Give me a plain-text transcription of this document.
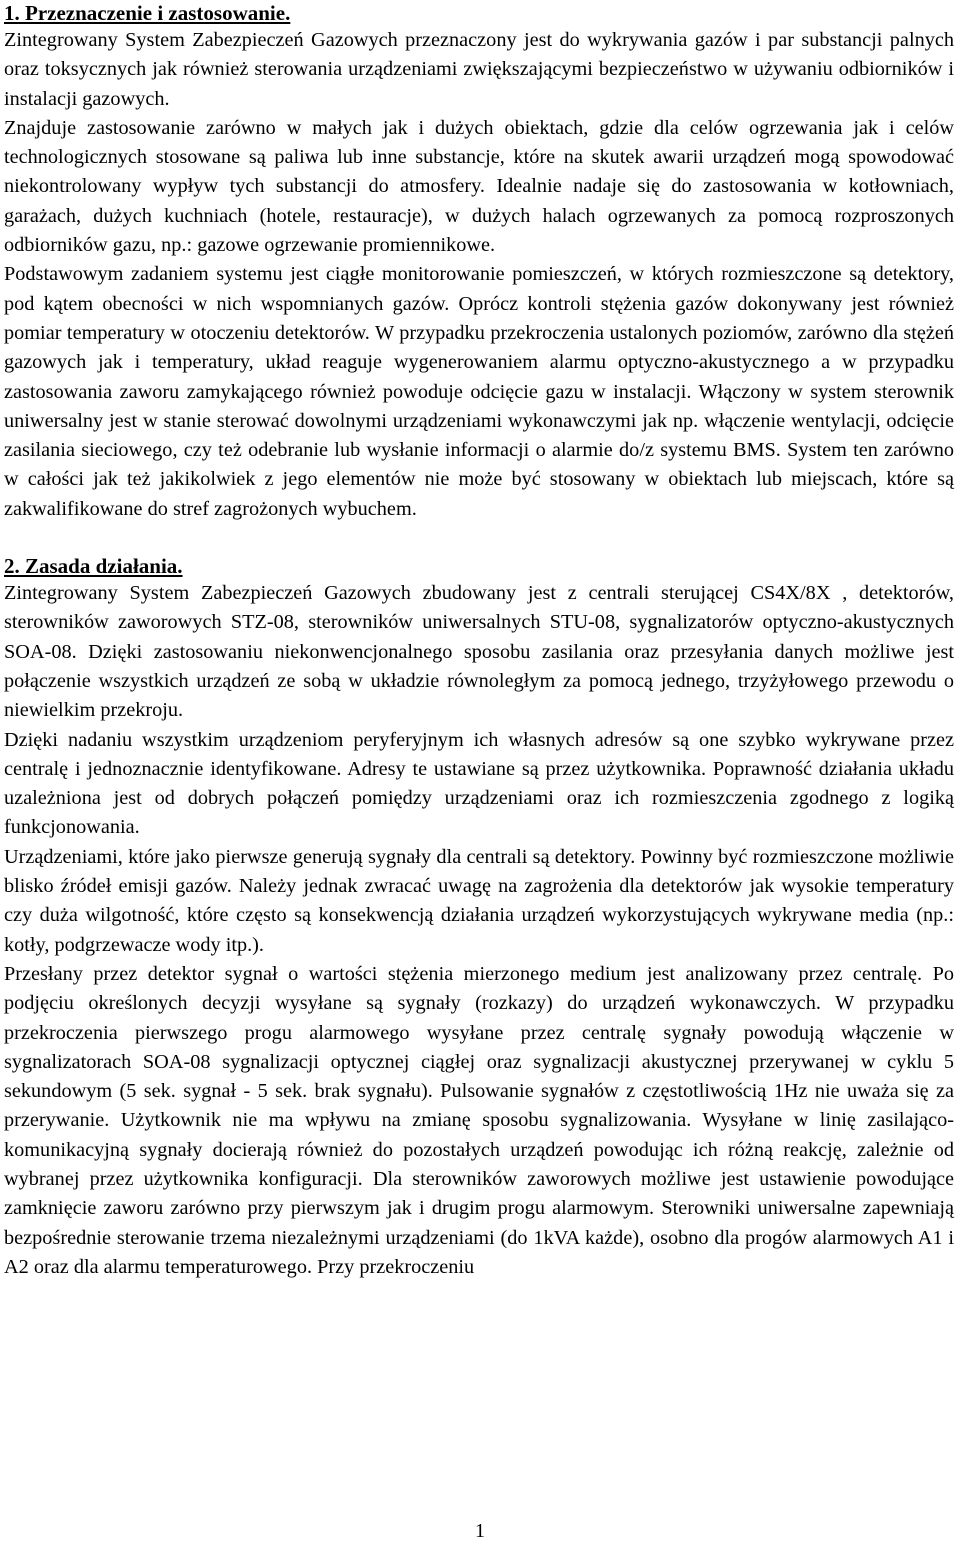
1. Przeznaczenie i zastosowanie.

Zintegrowany System Zabezpieczeń Gazowych przeznaczony jest do wykrywania gazów i par substancji palnych oraz toksycznych jak również sterowania urządzeniami zwiększającymi bezpieczeństwo w używaniu odbiorników i instalacji gazowych.

Znajduje zastosowanie zarówno w małych jak i dużych obiektach, gdzie dla celów ogrzewania jak i celów technologicznych stosowane są paliwa lub inne substancje, które na skutek awarii urządzeń mogą spowodować niekontrolowany wypływ tych substancji do atmosfery. Idealnie nadaje się do zastosowania w kotłowniach, garażach, dużych kuchniach (hotele, restauracje), w dużych halach ogrzewanych za pomocą rozproszonych odbiorników gazu, np.: gazowe ogrzewanie promiennikowe.

Podstawowym zadaniem systemu jest ciągłe monitorowanie pomieszczeń, w których rozmieszczone są detektory, pod kątem obecności w nich wspomnianych gazów. Oprócz kontroli stężenia gazów dokonywany jest również pomiar temperatury w otoczeniu detektorów. W przypadku przekroczenia ustalonych poziomów, zarówno dla stężeń gazowych jak i temperatury, układ reaguje wygenerowaniem alarmu optyczno-akustycznego a w przypadku zastosowania zaworu zamykającego również powoduje odcięcie gazu w instalacji. Włączony w system sterownik uniwersalny jest w stanie sterować dowolnymi urządzeniami wykonawczymi jak np. włączenie wentylacji, odcięcie zasilania sieciowego, czy też odebranie lub wysłanie informacji o alarmie do/z systemu BMS. System ten zarówno w całości jak też jakikolwiek z jego elementów nie może być stosowany w obiektach lub miejscach, które są zakwalifikowane do stref zagrożonych wybuchem.

2. Zasada działania.

Zintegrowany System Zabezpieczeń Gazowych zbudowany jest z centrali sterującej CS4X/8X , detektorów, sterowników zaworowych STZ-08, sterowników uniwersalnych STU-08, sygnalizatorów optyczno-akustycznych SOA-08. Dzięki zastosowaniu niekonwencjonalnego sposobu zasilania oraz przesyłania danych możliwe jest połączenie wszystkich urządzeń ze sobą w układzie równoległym za pomocą jednego, trzyżyłowego przewodu o niewielkim przekroju.

Dzięki nadaniu wszystkim urządzeniom peryferyjnym ich własnych adresów są one szybko wykrywane przez centralę i jednoznacznie identyfikowane. Adresy te ustawiane są przez użytkownika. Poprawność działania układu uzależniona jest od dobrych połączeń pomiędzy urządzeniami oraz ich rozmieszczenia zgodnego z logiką funkcjonowania.

Urządzeniami, które jako pierwsze generują sygnały dla centrali są detektory. Powinny być rozmieszczone możliwie blisko źródeł emisji gazów. Należy jednak zwracać uwagę na zagrożenia dla detektorów jak wysokie temperatury czy duża wilgotność, które często są konsekwencją działania urządzeń wykorzystujących wykrywane media (np.: kotły, podgrzewacze wody itp.).

Przesłany przez detektor sygnał o wartości stężenia mierzonego medium jest analizowany przez centralę. Po podjęciu określonych decyzji wysyłane są sygnały (rozkazy) do urządzeń wykonawczych. W przypadku przekroczenia pierwszego progu alarmowego wysyłane przez centralę sygnały powodują włączenie w sygnalizatorach SOA-08 sygnalizacji optycznej ciągłej oraz sygnalizacji akustycznej przerywanej w cyklu 5 sekundowym (5 sek. sygnał - 5 sek. brak sygnału). Pulsowanie sygnałów z częstotliwością 1Hz nie uważa się za przerywanie. Użytkownik nie ma wpływu na zmianę sposobu sygnalizowania. Wysyłane w linię zasilająco-komunikacyjną sygnały docierają również do pozostałych urządzeń powodując ich różną reakcję, zależnie od wybranej przez użytkownika konfiguracji. Dla sterowników zaworowych możliwe jest ustawienie powodujące zamknięcie zaworu zarówno przy pierwszym jak i drugim progu alarmowym. Sterowniki uniwersalne zapewniają bezpośrednie sterowanie trzema niezależnymi urządzeniami (do 1kVA każde), osobno dla progów alarmowych A1 i A2 oraz dla alarmu temperaturowego. Przy przekroczeniu

1
